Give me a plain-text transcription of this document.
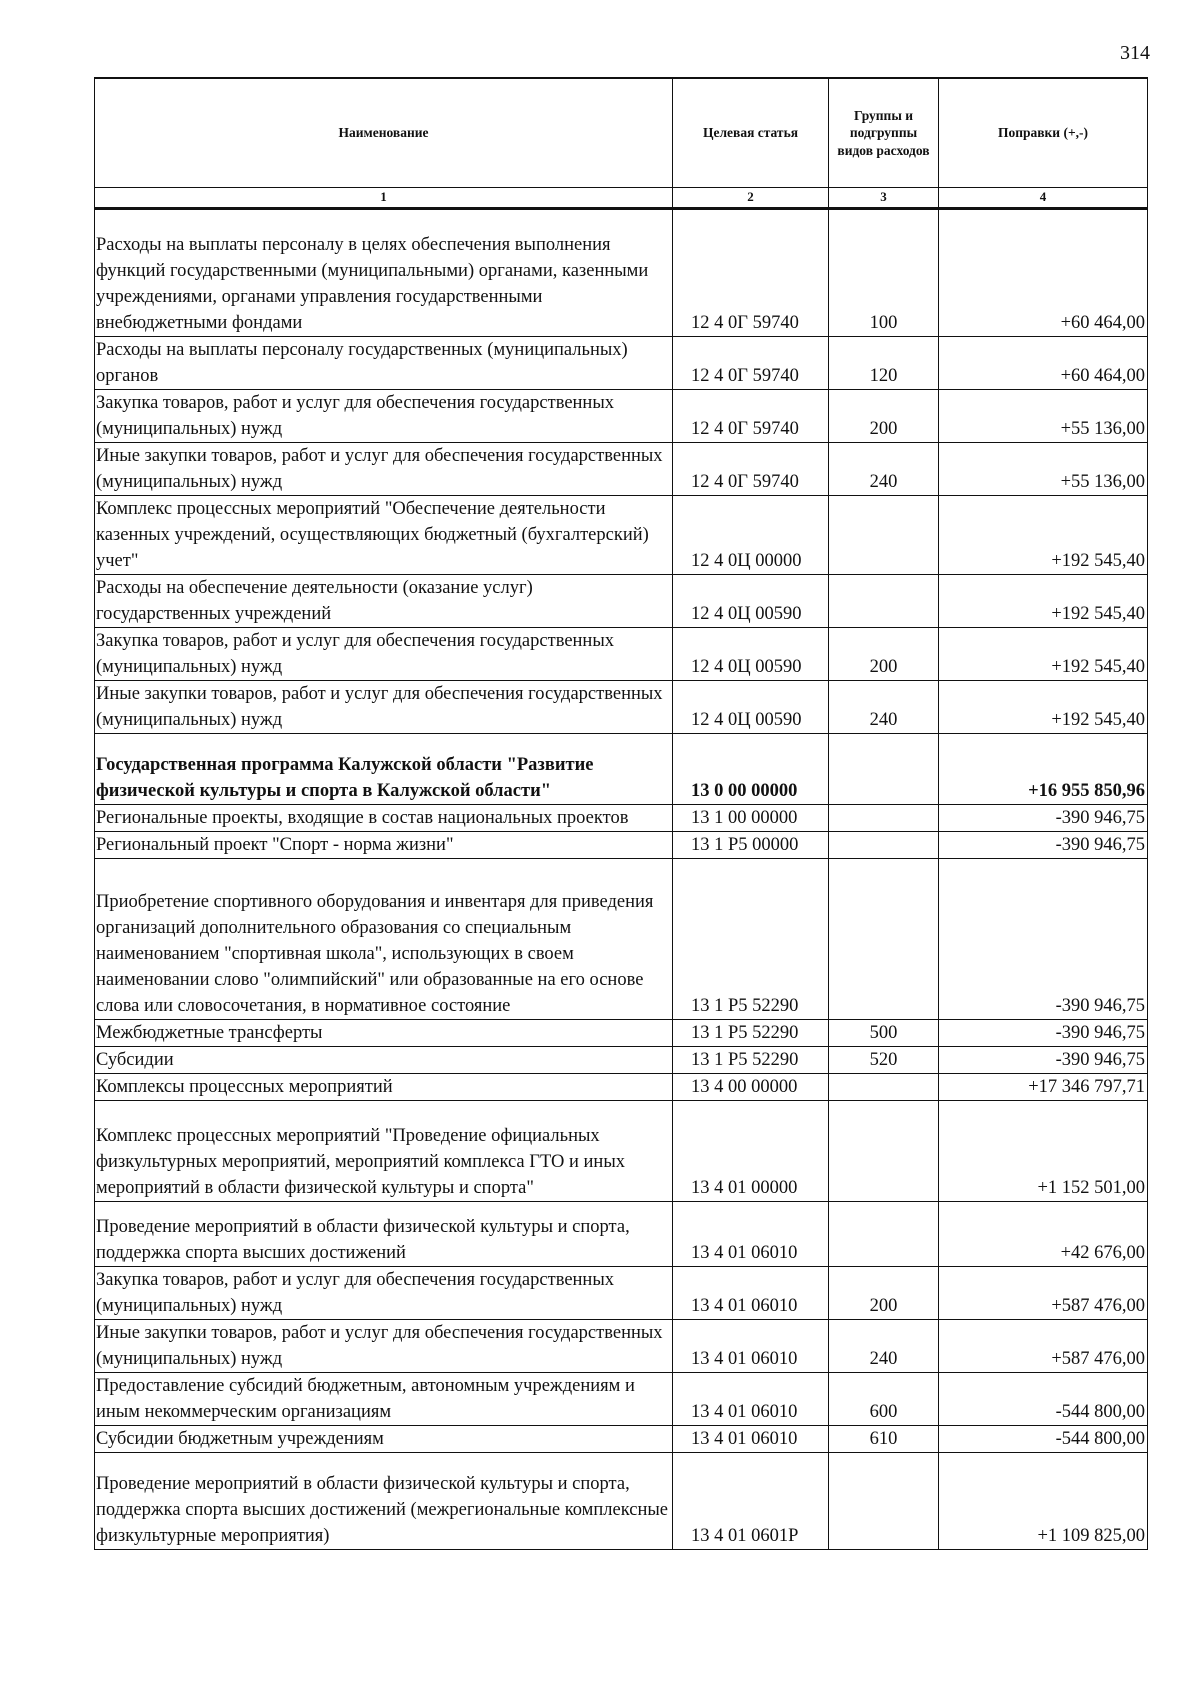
314
Наименование	Целевая статья	Группы и подгруппы видов расходов	Поправки (+,-)
1	2	3	4
Расходы на выплаты персоналу в целях обеспечения выполнения функций государственными (муниципальными) органами, казенными учреждениями, органами управления государственными внебюджетными фондами	12 4 0Г 59740	100	+60 464,00
Расходы на выплаты персоналу государственных (муниципальных) органов	12 4 0Г 59740	120	+60 464,00
Закупка товаров, работ и услуг для обеспечения государственных (муниципальных) нужд	12 4 0Г 59740	200	+55 136,00
Иные закупки товаров, работ и услуг для обеспечения государственных (муниципальных) нужд	12 4 0Г 59740	240	+55 136,00
Комплекс процессных мероприятий "Обеспечение деятельности казенных учреждений, осуществляющих бюджетный (бухгалтерский) учет"	12 4 0Ц 00000		+192 545,40
Расходы на обеспечение деятельности (оказание услуг) государственных учреждений	12 4 0Ц 00590		+192 545,40
Закупка товаров, работ и услуг для обеспечения государственных (муниципальных) нужд	12 4 0Ц 00590	200	+192 545,40
Иные закупки товаров, работ и услуг для обеспечения государственных (муниципальных) нужд	12 4 0Ц 00590	240	+192 545,40
Государственная программа Калужской области "Развитие физической культуры и спорта в Калужской области"	13 0 00 00000		+16 955 850,96
Региональные проекты, входящие в состав национальных проектов	13 1 00 00000		-390 946,75
Региональный проект "Спорт - норма жизни"	13 1 Р5 00000		-390 946,75
Приобретение спортивного оборудования и инвентаря для приведения организаций дополнительного образования со специальным наименованием "спортивная школа", использующих в своем наименовании слово "олимпийский" или образованные на его основе слова или словосочетания, в нормативное состояние	13 1 Р5 52290		-390 946,75
Межбюджетные трансферты	13 1 Р5 52290	500	-390 946,75
Субсидии	13 1 Р5 52290	520	-390 946,75
Комплексы процессных мероприятий	13 4 00 00000		+17 346 797,71
Комплекс процессных мероприятий "Проведение официальных физкультурных мероприятий, мероприятий комплекса ГТО и иных мероприятий в области физической культуры и спорта"	13 4 01 00000		+1 152 501,00
Проведение мероприятий в области физической культуры и спорта, поддержка спорта высших достижений	13 4 01 06010		+42 676,00
Закупка товаров, работ и услуг для обеспечения государственных (муниципальных) нужд	13 4 01 06010	200	+587 476,00
Иные закупки товаров, работ и услуг для обеспечения государственных (муниципальных) нужд	13 4 01 06010	240	+587 476,00
Предоставление субсидий бюджетным, автономным учреждениям и иным некоммерческим организациям	13 4 01 06010	600	-544 800,00
Субсидии бюджетным учреждениям	13 4 01 06010	610	-544 800,00
Проведение мероприятий в области физической культуры и спорта, поддержка спорта высших достижений (межрегиональные комплексные физкультурные мероприятия)	13 4 01 0601Р		+1 109 825,00
